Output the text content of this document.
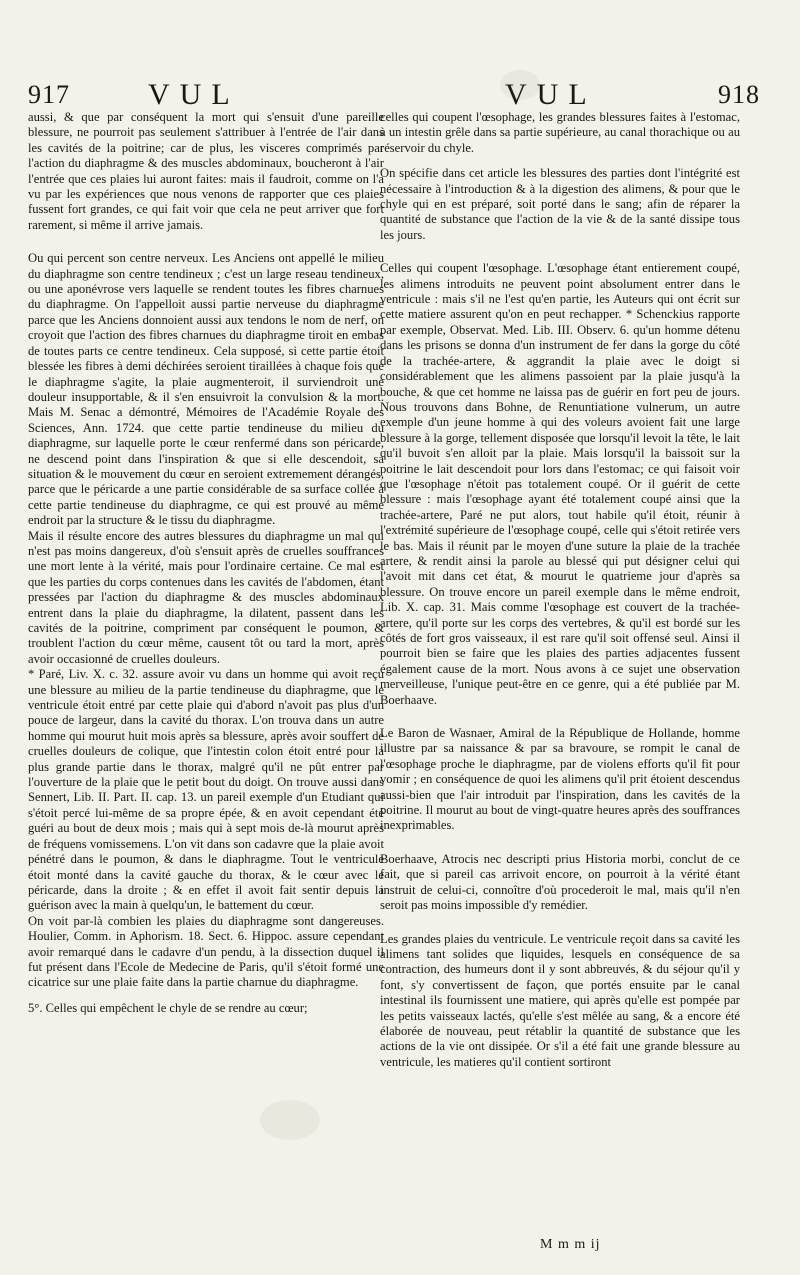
917	VUL	VUL	918

aussi, & que par conséquent la mort qui s'ensuit d'une pareille blessure, ne pourroit pas seulement s'attribuer à l'entrée de l'air dans les cavités de la poitrine; car de plus, les visceres comprimés par l'action du diaphragme & des muscles abdominaux, boucheront à l'air l'entrée que ces plaies lui auront faites: mais il faudroit, comme on l'a vu par les expériences que nous venons de rapporter que ces plaies fussent fort grandes, ce qui fait voir que cela ne peut arriver que fort rarement, si même il arrive jamais.

Ou qui percent son centre nerveux. Les Anciens ont appellé le milieu du diaphragme son centre tendineux ; c'est un large reseau tendineux, ou une aponévrose vers laquelle se rendent toutes les fibres charnues du diaphragme. On l'appelloit aussi partie nerveuse du diaphragme parce que les Anciens donnoient aussi aux tendons le nom de nerf, on croyoit que l'action des fibres charnues du diaphragme tiroit en embas de toutes parts ce centre tendineux. Cela supposé, si cette partie étoit blessée les fibres à demi déchirées seroient tiraillées à chaque fois que le diaphragme s'agite, la plaie augmenteroit, il surviendroit une douleur insupportable, & il s'en ensuivroit la convulsion & la mort. Mais M. Senac a démontré, Mémoires de l'Académie Royale des Sciences, Ann. 1724. que cette partie tendineuse du milieu du diaphragme, sur laquelle porte le cœur renfermé dans son péricarde, ne descend point dans l'inspiration & que si elle descendoit, sa situation & le mouvement du cœur en seroient extremement dérangés, parce que le péricarde a une partie considérable de sa surface collée à cette partie tendineuse du diaphragme, ce qui est prouvé au même endroit par la structure & le tissu du diaphragme.

Mais il résulte encore des autres blessures du diaphragme un mal qui n'est pas moins dangereux, d'où s'ensuit après de cruelles souffrances une mort lente à la vérité, mais pour l'ordinaire certaine. Ce mal est que les parties du corps contenues dans les cavités de l'abdomen, étant pressées par l'action du diaphragme & des muscles abdominaux entrent dans la plaie du diaphragme, la dilatent, passent dans les cavités de la poitrine, compriment par conséquent le poumon, & troublent l'action du cœur même, causent tôt ou tard la mort, après avoir occasionné de cruelles douleurs.

* Paré, Liv. X. c. 32. assure avoir vu dans un homme qui avoit reçu une blessure au milieu de la partie tendineuse du diaphragme, que le ventricule étoit entré par cette plaie qui d'abord n'avoit pas plus d'un pouce de largeur, dans la cavité du thorax. L'on trouva dans un autre homme qui mourut huit mois après sa blessure, après avoir souffert de cruelles douleurs de colique, que l'intestin colon étoit entré pour la plus grande partie dans le thorax, malgré qu'il ne pût entrer par l'ouverture de la plaie que le petit bout du doigt. On trouve aussi dans Sennert, Lib. II. Part. II. cap. 13. un pareil exemple d'un Etudiant qui s'étoit percé lui-même de sa propre épée, & en avoit cependant été guéri au bout de deux mois ; mais qui à sept mois de-là mourut après de fréquens vomissemens. L'on vit dans son cadavre que la plaie avoit pénétré dans le poumon, & dans le diaphragme. Tout le ventricule étoit monté dans la cavité gauche du thorax, & le cœur avec le péricarde, dans la droite ; & en effet il avoit fait sentir depuis la guérison avec la main à quelqu'un, le battement du cœur.

On voit par-là combien les plaies du diaphragme sont dangereuses. Houlier, Comm. in Aphorism. 18. Sect. 6. Hippoc. assure cependant avoir remarqué dans le cadavre d'un pendu, à la dissection duquel il fut présent dans l'Ecole de Medecine de Paris, qu'il s'étoit formé une cicatrice sur une plaie faite dans la partie charnue du diaphragme.

5°. Celles qui empêchent le chyle de se rendre au cœur;

celles qui coupent l'œsophage, les grandes blessures faites à l'estomac, à un intestin grêle dans sa partie supérieure, au canal thorachique ou au réservoir du chyle.

On spécifie dans cet article les blessures des parties dont l'intégrité est nécessaire à l'introduction & à la digestion des alimens, & pour que le chyle qui en est préparé, soit porté dans le sang; afin de réparer la quantité de substance que l'action de la vie & de la santé dissipe tous les jours.

Celles qui coupent l'œsophage. L'œsophage étant entierement coupé, les alimens introduits ne peuvent point absolument entrer dans le ventricule : mais s'il ne l'est qu'en partie, les Auteurs qui ont écrit sur cette matiere assurent qu'on en peut rechapper. * Schenckius rapporte par exemple, Observat. Med. Lib. III. Observ. 6. qu'un homme détenu dans les prisons se donna d'un instrument de fer dans la gorge du côté de la trachée-artere, & aggrandit la plaie avec le doigt si considérablement que les alimens passoient par la plaie jusqu'à la bouche, & que cet homme ne laissa pas de guérir en fort peu de jours. Nous trouvons dans Bohne, de Renuntiatione vulnerum, un autre exemple d'un jeune homme à qui des voleurs avoient fait une large blessure à la gorge, tellement disposée que lorsqu'il levoit la tête, le lait qu'il buvoit s'en alloit par la plaie. Mais lorsqu'il la baissoit sur la poitrine le lait descendoit pour lors dans l'estomac; ce qui faisoit voir que l'œsophage n'étoit pas totalement coupé. Or il guérit de cette blessure : mais l'œsophage ayant été totalement coupé ainsi que la trachée-artere, Paré ne put alors, tout habile qu'il étoit, réunir à l'extrémité supérieure de l'œsophage coupé, celle qui s'étoit retirée vers le bas. Mais il réunit par le moyen d'une suture la plaie de la trachée artere, & rendit ainsi la parole au blessé qui put désigner celui qui l'avoit mit dans cet état, & mourut le quatrieme jour d'après sa blessure. On trouve encore un pareil exemple dans le même endroit, Lib. X. cap. 31. Mais comme l'œsophage est couvert de la trachée-artere, qu'il porte sur les corps des vertebres, & qu'il est bordé sur les côtés de fort gros vaisseaux, il est rare qu'il soit offensé seul. Ainsi il pourroit bien se faire que les plaies des parties adjacentes fussent également cause de la mort. Nous avons à ce sujet une observation merveilleuse, l'unique peut-être en ce genre, qui a été publiée par M. Boerhaave.

Le Baron de Wasnaer, Amiral de la République de Hollande, homme illustre par sa naissance & par sa bravoure, se rompit le canal de l'œsophage proche le diaphragme, par de violens efforts qu'il fit pour vomir ; en conséquence de quoi les alimens qu'il prit étoient descendus aussi-bien que l'air introduit par l'inspiration, dans les cavités de la poitrine. Il mourut au bout de vingt-quatre heures après des souffrances inexprimables.

Boerhaave, Atrocis nec descripti prius Historia morbi, conclut de ce fait, que si pareil cas arrivoit encore, on pourroit à la vérité étant instruit de celui-ci, connoître d'où procederoit le mal, mais qu'il n'en seroit pas moins impossible d'y remédier.

Les grandes plaies du ventricule. Le ventricule reçoit dans sa cavité les alimens tant solides que liquides, lesquels en conséquence de sa contraction, des humeurs dont il y sont abbreuvés, & du séjour qu'il y font, s'y convertissent de façon, que portés ensuite par le canal intestinal ils fournissent une matiere, qui après qu'elle est pompée par les petits vaisseaux lactés, qu'elle s'est mêlée au sang, & a encore été élaborée de nouveau, peut rétablir la quantité de substance que les actions de la vie ont dissipée. Or s'il a été fait une grande blessure au ventricule, les matieres qu'il contient sortiront

M m m ij
